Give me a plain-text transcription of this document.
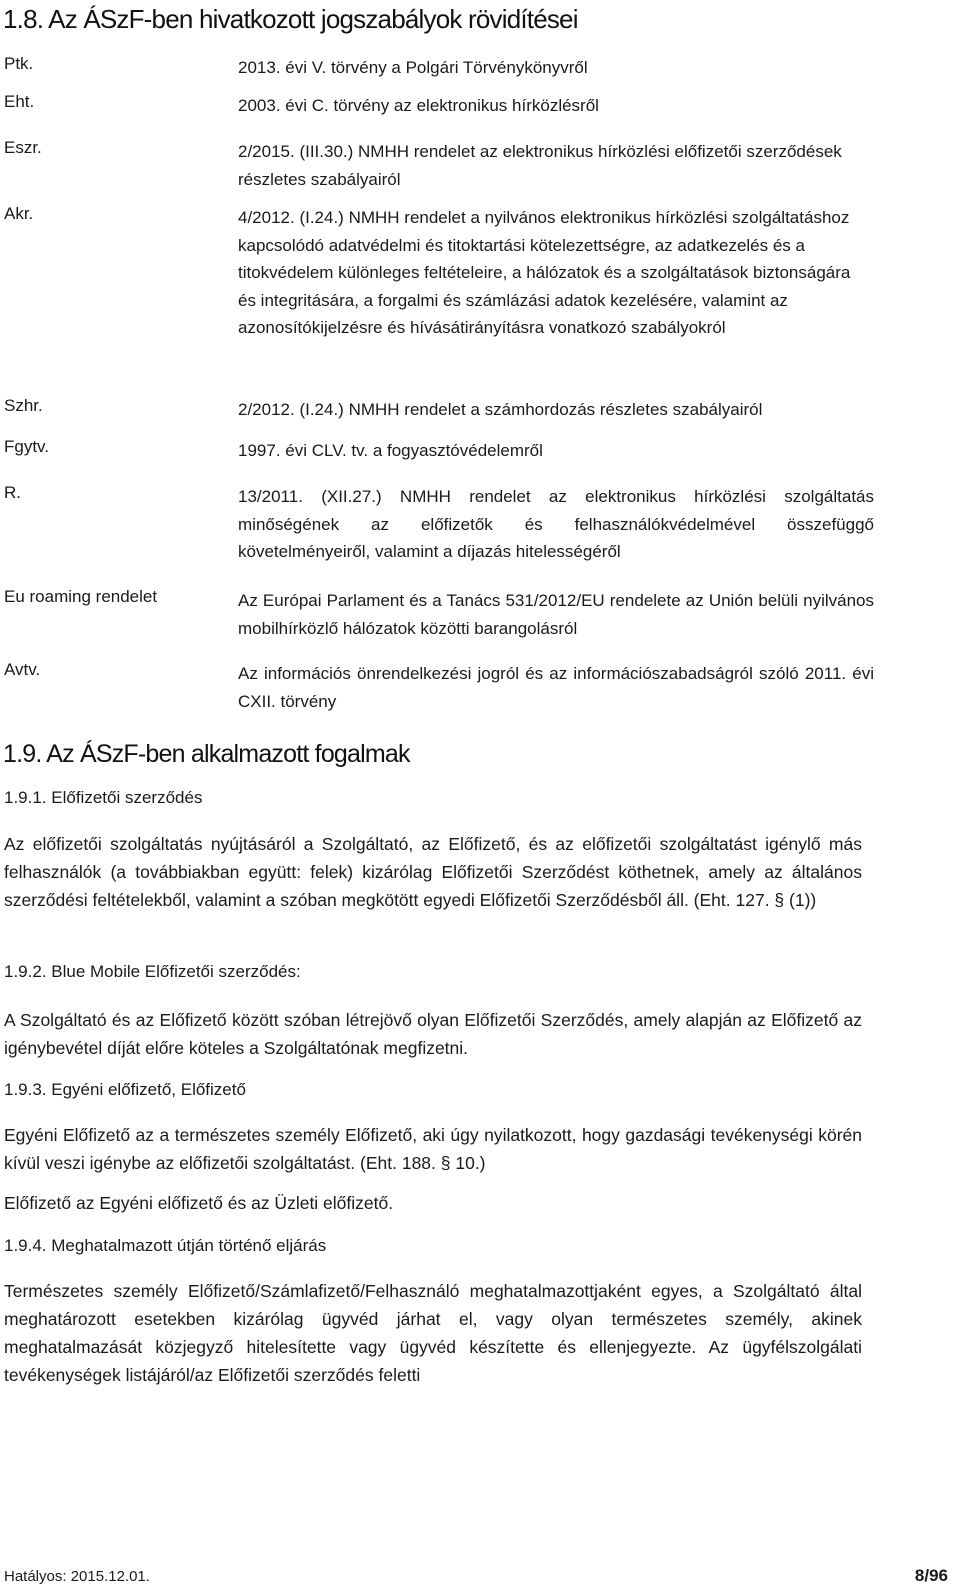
1.8. Az ÁSzF-ben hivatkozott jogszabályok rövidítései
Ptk.	2013. évi V. törvény a Polgári Törvénykönyvről
Eht.	2003. évi C. törvény az elektronikus hírközlésről
Eszr.	2/2015. (III.30.) NMHH rendelet az elektronikus hírközlési előfizetői szerződések részletes szabályairól
Akr.	4/2012. (I.24.) NMHH rendelet a nyilvános elektronikus hírközlési szolgáltatáshoz kapcsolódó adatvédelmi és titoktartási kötelezettségre, az adatkezelés és a titokvédelem különleges feltételeire, a hálózatok és a szolgáltatások biztonságára és integritására, a forgalmi és számlázási adatok kezelésére, valamint az azonosítókijelzésre és hívásátirányításra vonatkozó szabályokról
Szhr.	2/2012. (I.24.) NMHH rendelet a számhordozás részletes szabályairól
Fgytv.	1997. évi CLV. tv. a fogyasztóvédelemről
R.	13/2011. (XII.27.) NMHH rendelet az elektronikus hírközlési szolgáltatás minőségének az előfizetők és felhasználókvédelmével összefüggő követelményeiről, valamint a díjazás hitelességéről
Eu roaming rendelet	Az Európai Parlament és a Tanács 531/2012/EU rendelete az Unión belüli nyilvános mobilhírközlő hálózatok közötti barangolásról
Avtv.	Az információs önrendelkezési jogról és az információszabadságról szóló 2011. évi CXII. törvény
1.9. Az ÁSzF-ben alkalmazott fogalmak
1.9.1. Előfizetői szerződés
Az előfizetői szolgáltatás nyújtásáról a Szolgáltató, az Előfizető, és az előfizetői szolgáltatást igénylő más felhasználók (a továbbiakban együtt: felek) kizárólag Előfizetői Szerződést köthetnek, amely az általános szerződési feltételekből, valamint a szóban megkötött egyedi Előfizetői Szerződésből áll. (Eht. 127. § (1))
1.9.2. Blue Mobile Előfizetői szerződés:
A Szolgáltató és az Előfizető között szóban létrejövő olyan Előfizetői Szerződés, amely alapján az Előfizető az igénybevétel díját előre köteles a Szolgáltatónak megfizetni.
1.9.3. Egyéni előfizető, Előfizető
Egyéni Előfizető az a természetes személy Előfizető, aki úgy nyilatkozott, hogy gazdasági tevékenységi körén kívül veszi igénybe az előfizetői szolgáltatást. (Eht. 188. § 10.)
Előfizető az Egyéni előfizető és az Üzleti előfizető.
1.9.4. Meghatalmazott útján történő eljárás
Természetes személy Előfizető/Számlafizető/Felhasználó meghatalmazottjaként egyes, a Szolgáltató által meghatározott esetekben kizárólag ügyvéd járhat el, vagy olyan természetes személy, akinek meghatalmazását közjegyző hitelesítette vagy ügyvéd készítette és ellenjegyezte. Az ügyfélszolgálati tevékenységek listájáról/az Előfizetői szerződés feletti
Hatályos: 2015.12.01.	8/96
